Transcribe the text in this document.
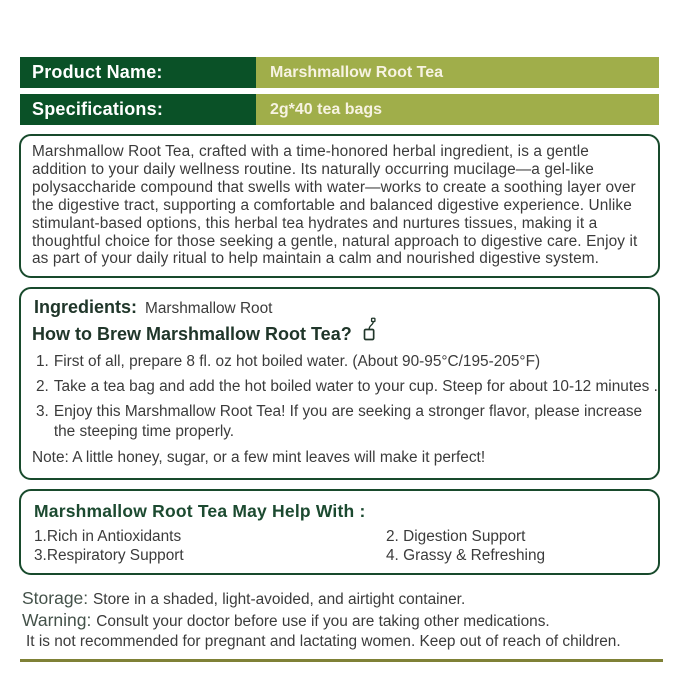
Product Name:	Marshmallow Root Tea
Specifications:	2g*40 tea bags

Marshmallow Root Tea, crafted with a time-honored herbal ingredient, is a gentle addition to your daily wellness routine. Its naturally occurring mucilage—a gel-like polysaccharide compound that swells with water—works to create a soothing layer over the digestive tract, supporting a comfortable and balanced digestive experience. Unlike stimulant-based options, this herbal tea hydrates and nurtures tissues, making it a thoughtful choice for those seeking a gentle, natural approach to digestive care. Enjoy it as part of your daily ritual to help maintain a calm and nourished digestive system.

Ingredients: Marshmallow Root
How to Brew Marshmallow Root Tea?
1. First of all, prepare 8 fl. oz hot boiled water. (About 90-95°C/195-205°F)
2. Take a tea bag and add the hot boiled water to your cup. Steep for about 10-12 minutes .
3. Enjoy this Marshmallow Root Tea! If you are seeking a stronger flavor, please increase the steeping time properly.
Note: A little honey, sugar, or a few mint leaves will make it perfect!
Marshmallow Root Tea May Help With :
1.Rich in Antioxidants	2. Digestion Support
3.Respiratory Support	4. Grassy & Refreshing
Storage: Store in a shaded, light-avoided, and airtight container.
Warning: Consult your doctor before use if you are taking other medications.
It is not recommended for pregnant and lactating women. Keep out of reach of children.
